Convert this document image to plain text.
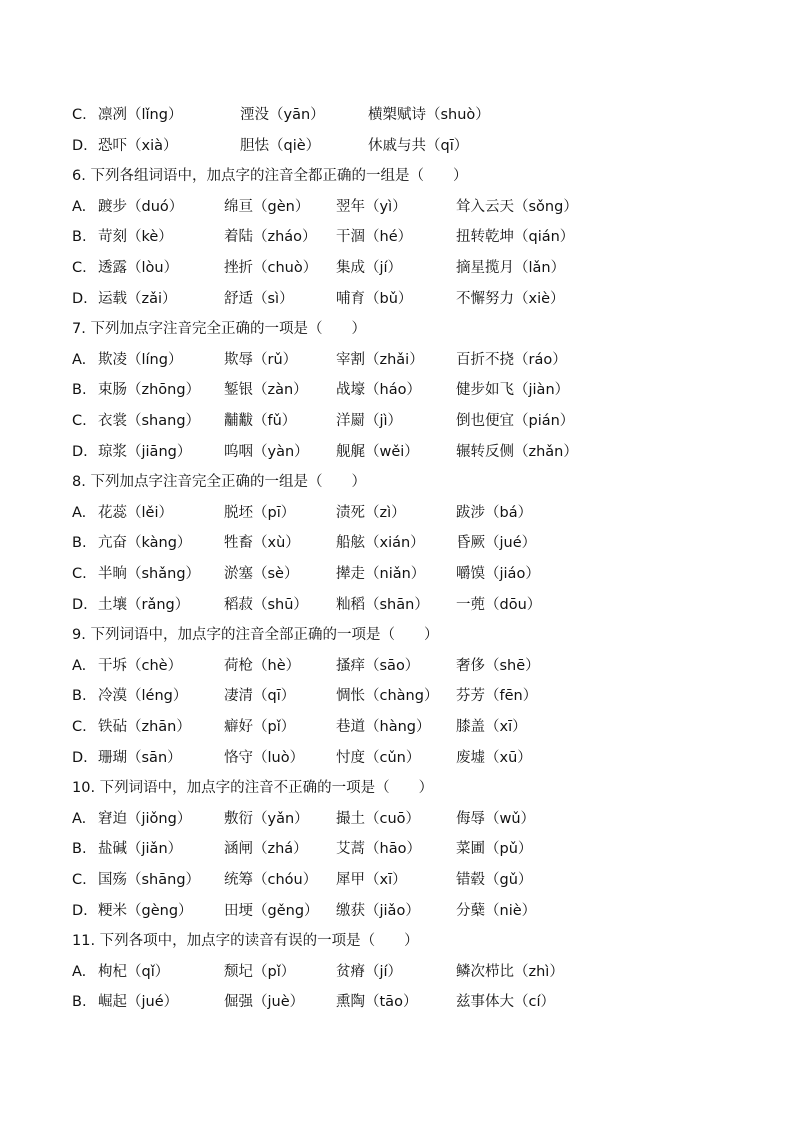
C. 凛冽（lǐng）	湮没（yān）	横槊赋诗（shuò）
D. 恐吓（xià）	胆怯（qiè）	休戚与共（qī）
6. 下列各组词语中，加点字的注音全都正确的一组是（　　）
A. 踱步（duó）	绵亘（gèn） 翌年（yì）	耸入云天（sǒng）
B. 苛刻（kè）	着陆（zháo） 干涸（hé）	扭转乾坤（qián）
C. 透露（lòu）	挫折（chuò） 集成（jí）	摘星揽月（lǎn）
D. 运载（zǎi）	舒适（sì）	哺育（bǔ）	不懈努力（xiè）
7. 下列加点字注音完全正确的一项是（　　）
A. 欺凌（líng）	欺辱（rǔ）	宰割（zhǎi） 百折不挠（ráo）
B. 束肠（zhōng） 錾银（zàn） 战壕（háo） 健步如飞（jiàn）
C. 衣裳（shang） 黼黻（fǔ）	洋罽（jì）	倒也便宜（pián）
D. 琼浆（jiāng） 呜咽（yàn） 舰艉（wěi）	辗转反侧（zhǎn）
8. 下列加点字注音完全正确的一组是（　　）
A. 花蕊（lěi）	脱坯（pī）	渍死（zì）	跋涉（bá）
B. 亢奋（kàng） 牲畜（xù） 船舷（xián） 昏厥（jué）
C. 半晌（shǎng） 淤塞（sè）	撵走（niǎn） 嚼馍（jiáo）
D. 土壤（rǎng） 稻菽（shū） 籼稻（shān） 一蔸（dōu）
9. 下列词语中，加点字的注音全部正确的一项是（　　）
A. 干坼（chè）	荷枪（hè） 搔痒（sāo）	奢侈（shē）
B. 冷漠（léng）	凄清（qī）	惆怅（chàng） 芬芳（fēn）
C. 铁砧（zhān） 癖好（pǐ）	巷道（hàng） 膝盖（xī）
D. 珊瑚（sān）	恪守（luò） 忖度（cǔn） 废墟（xū）
10. 下列词语中，加点字的注音不正确的一项是（　　）
A. 窘迫（jiǒng） 敷衍（yǎn） 撮土（cuō） 侮辱（wǔ）
B. 盐碱（jiǎn）	涵闸（zhá） 艾蒿（hāo） 菜圃（pǔ）
C. 国殇（shāng） 统筹（chóu） 犀甲（xī）	错毂（gǔ）
D. 粳米（gèng） 田埂（gěng） 缴获（jiǎo） 分蘖（niè）
11. 下列各项中，加点字的读音有误的一项是（　　）
A. 枸杞（qǐ）	颓圮（pǐ）	贫瘠（jí）	鳞次栉比（zhì）
B. 崛起（jué）	倔强（juè） 熏陶（tāo）	兹事体大（cí）
